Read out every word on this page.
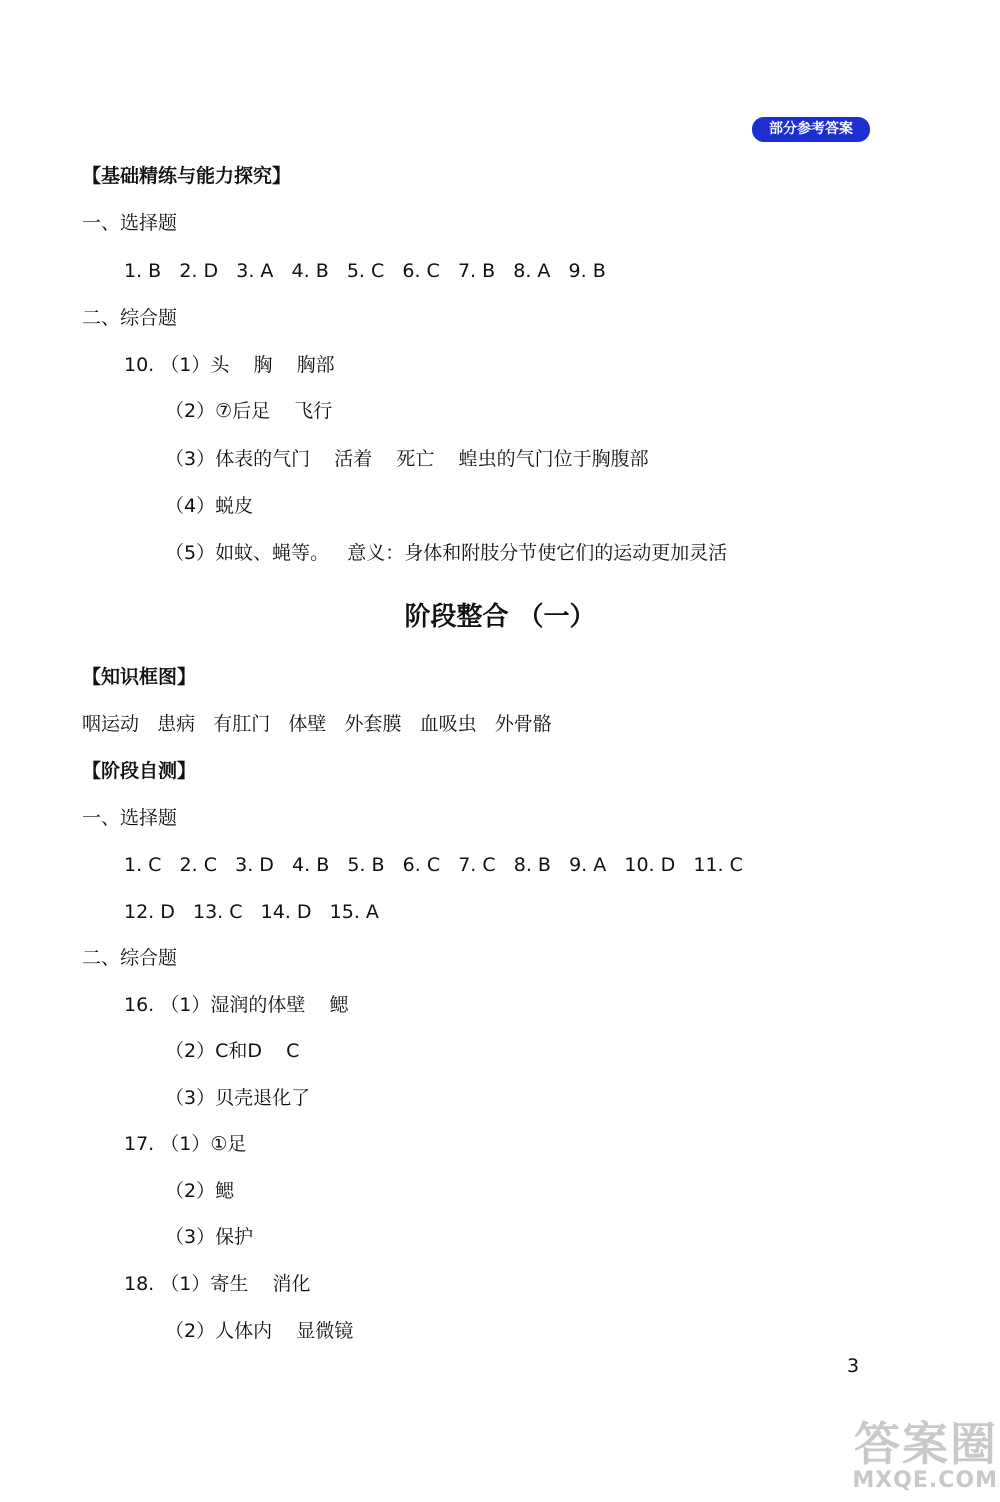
部分参考答案
【基础精练与能力探究】
一、选择题
1. B   2. D   3. A   4. B   5. C   6. C   7. B   8. A   9. B
二、综合题
10. （1）头    胸    胸部
（2）⑦后足    飞行
（3）体表的气门    活着    死亡    蝗虫的气门位于胸腹部
（4）蜕皮
（5）如蚊、蝇等。   意义：身体和附肢分节使它们的运动更加灵活
阶段整合 （一）
【知识框图】
咽运动   患病   有肛门   体壁   外套膜   血吸虫   外骨骼
【阶段自测】
一、选择题
1. C   2. C   3. D   4. B   5. B   6. C   7. C   8. B   9. A   10. D   11. C
12. D   13. C   14. D   15. A
二、综合题
16. （1）湿润的体壁    鳃
（2）C和D    C
（3）贝壳退化了
17. （1）①足
（2）鳃
（3）保护
18. （1）寄生    消化
（2）人体内    显微镜
3
答案圈
MXQE.COM
